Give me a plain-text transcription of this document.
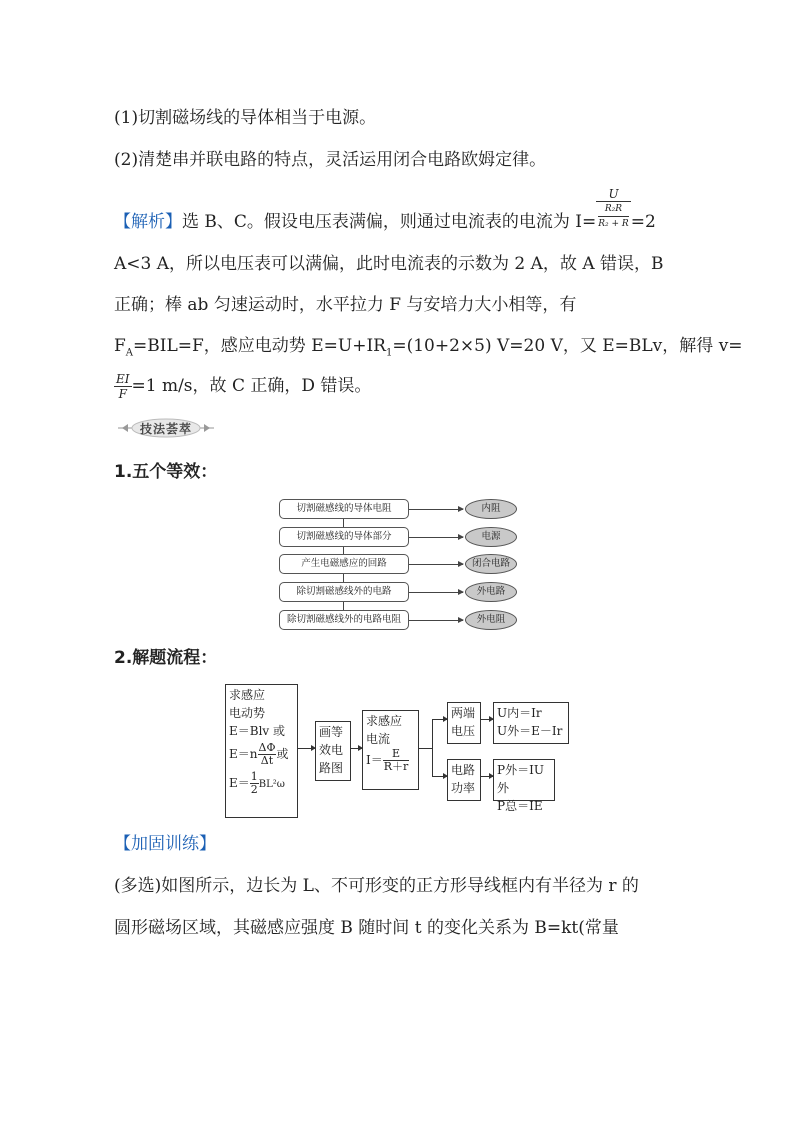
(1)切割磁场线的导体相当于电源。
(2)清楚串并联电路的特点，灵活运用闭合电路欧姆定律。
【解析】选 B、C。假设电压表满偏，则通过电流表的电流为 I= U
R₂R
R₂ + R =2
A<3 A，所以电压表可以满偏，此时电流表的示数为 2 A，故 A 错误，B
正确；棒 ab 匀速运动时，水平拉力 F 与安培力大小相等，有
$F_A=BIL=F$，感应电动势 $E=U+IR_1=(10+2\times 5)$ V=20 V，又 E=BLv，解得 v=
$\frac{EI}{F} =1$ m/s，故 C 正确，D 错误。
技法荟萃
1.五个等效：
切割磁感线的导体电阻
切割磁感线的导体部分
产生电磁感应的回路
除切割磁感线外的电路
除切割磁感线外的电路电阻
内阻
电源
闭合电路
外电路
外电阻
2.解题流程：
求感应
电动势
E＝Blv 或
$E=n \frac{\Delta\Phi}{\Delta t}$ 或
$E= \frac{1}{2} BL^2\omega$
画等
效电
路图
求感应
电流
$I= \frac{E}{R+r}$
两端
电压
U内＝Ir
U外＝E－Ir
电路
功率
P外＝IU外
P总＝IE
【加固训练】
(多选)如图所示，边长为 L、不可形变的正方形导线框内有半径为 r 的
圆形磁场区域，其磁感应强度 B 随时间 t 的变化关系为 B=kt(常量
